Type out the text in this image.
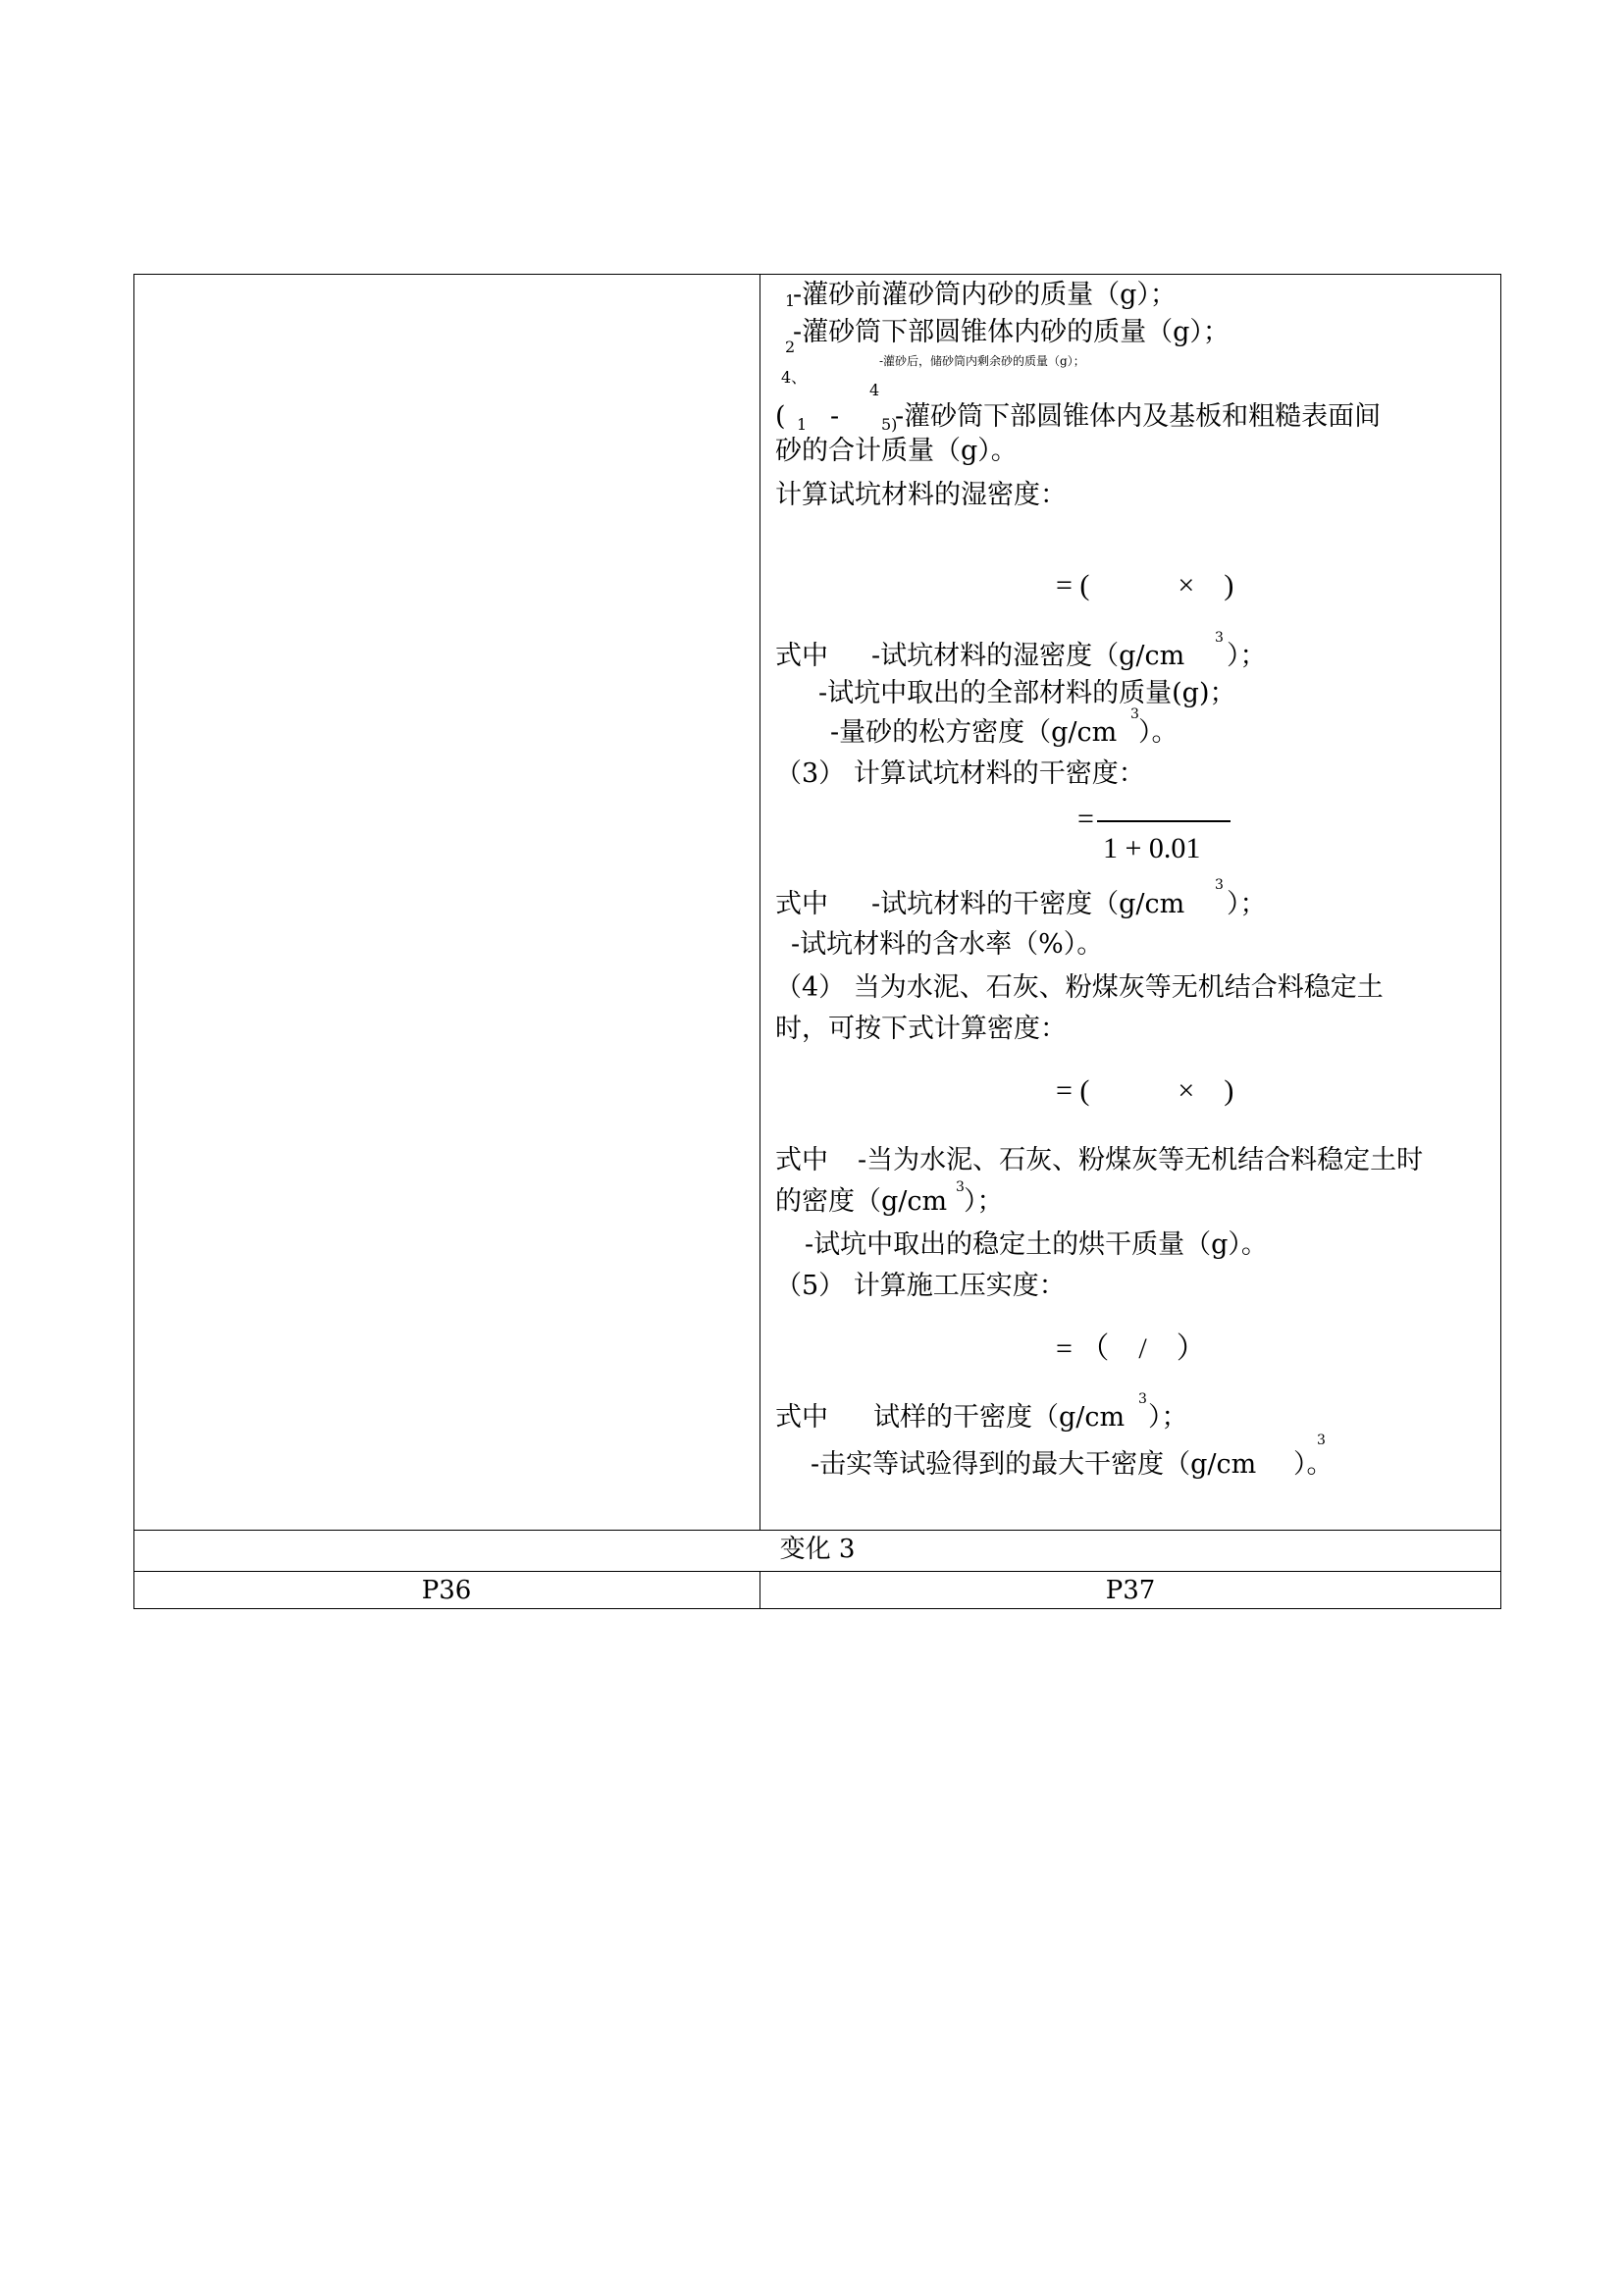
1
-灌砂前灌砂筒内砂的质量（g）；
2
-灌砂筒下部圆锥体内砂的质量（g）；
-灌砂后，储砂筒内剩余砂的质量（g）；
4、
4
( 1 -	5)
-灌砂筒下部圆锥体内及基板和粗糙表面间
砂的合计质量（g）。
计算试坑材料的湿密度：
= (　　　×　)
式中 -试坑材料的湿密度（g/cm
3
）；
-试坑中取出的全部材料的质量(g)；
-量砂的松方密度（g/cm
3
）。
（3） 计算试坑材料的干密度：
=
1 + 0.01
式中 -试坑材料的干密度（g/cm
3
）；
-试坑材料的含水率（%）。
（4） 当为水泥、石灰、粉煤灰等无机结合料稳定土
时，可按下式计算密度：
= (　　　×　)
式中 -当为水泥、石灰、粉煤灰等无机结合料稳定土时
的密度（g/cm 3 ）；
-试坑中取出的稳定土的烘干质量（g）。
（5） 计算施工压实度：
= （　/　）
式中 试样的干密度（g/cm
3
）；
-击实等试验得到的最大干密度（g/cm
3
）。
变化 3
P36	P37
